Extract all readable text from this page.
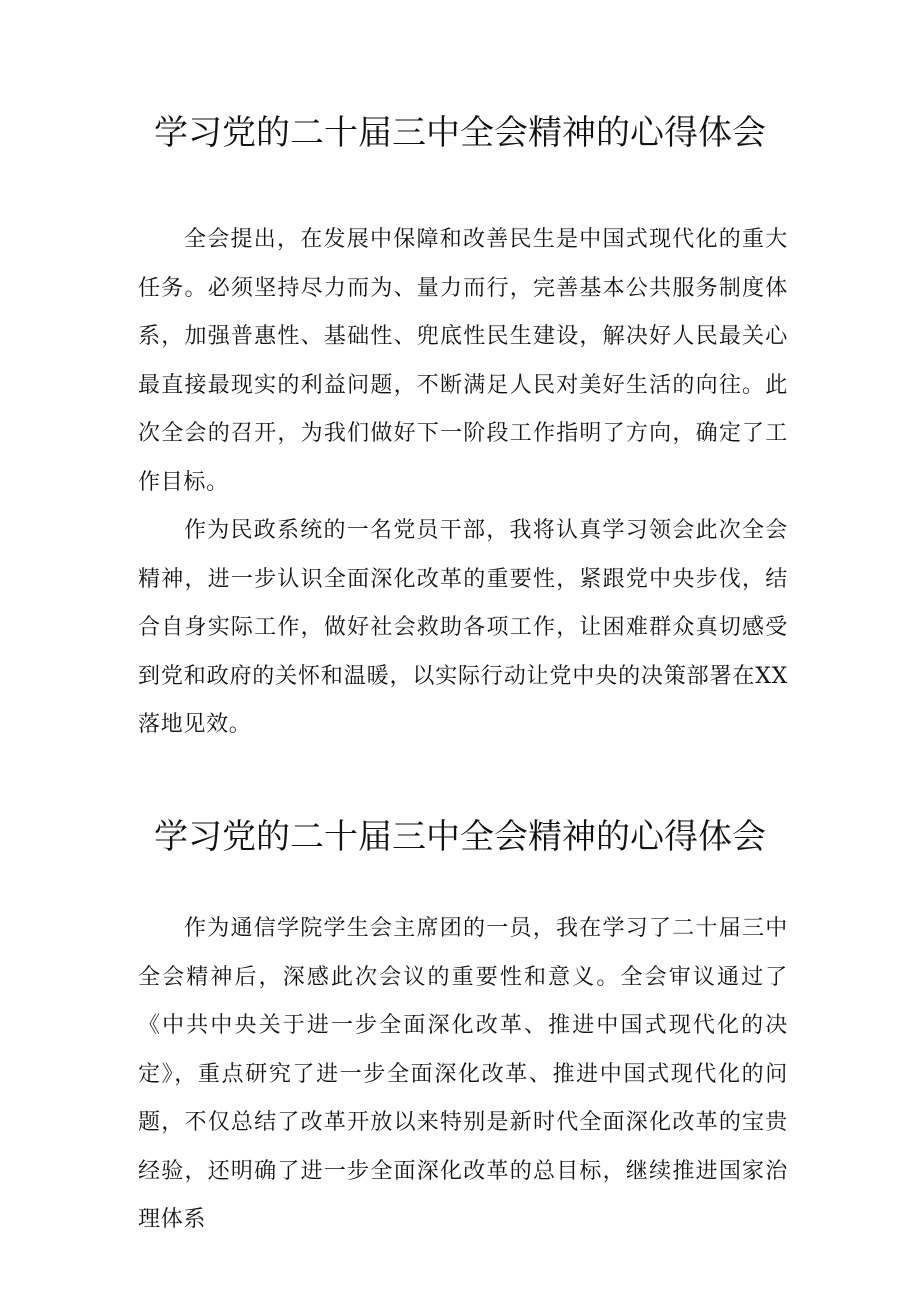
学习党的二十届三中全会精神的心得体会

全会提出，在发展中保障和改善民生是中国式现代化的重大任务。必须坚持尽力而为、量力而行，完善基本公共服务制度体系，加强普惠性、基础性、兜底性民生建设，解决好人民最关心最直接最现实的利益问题，不断满足人民对美好生活的向往。此次全会的召开，为我们做好下一阶段工作指明了方向，确定了工作目标。

作为民政系统的一名党员干部，我将认真学习领会此次全会精神，进一步认识全面深化改革的重要性，紧跟党中央步伐，结合自身实际工作，做好社会救助各项工作，让困难群众真切感受到党和政府的关怀和温暖，以实际行动让党中央的决策部署在XX落地见效。

学习党的二十届三中全会精神的心得体会

作为通信学院学生会主席团的一员，我在学习了二十届三中全会精神后，深感此次会议的重要性和意义。全会审议通过了《中共中央关于进一步全面深化改革、推进中国式现代化的决定》，重点研究了进一步全面深化改革、推进中国式现代化的问题，不仅总结了改革开放以来特别是新时代全面深化改革的宝贵经验，还明确了进一步全面深化改革的总目标，继续推进国家治理体系
